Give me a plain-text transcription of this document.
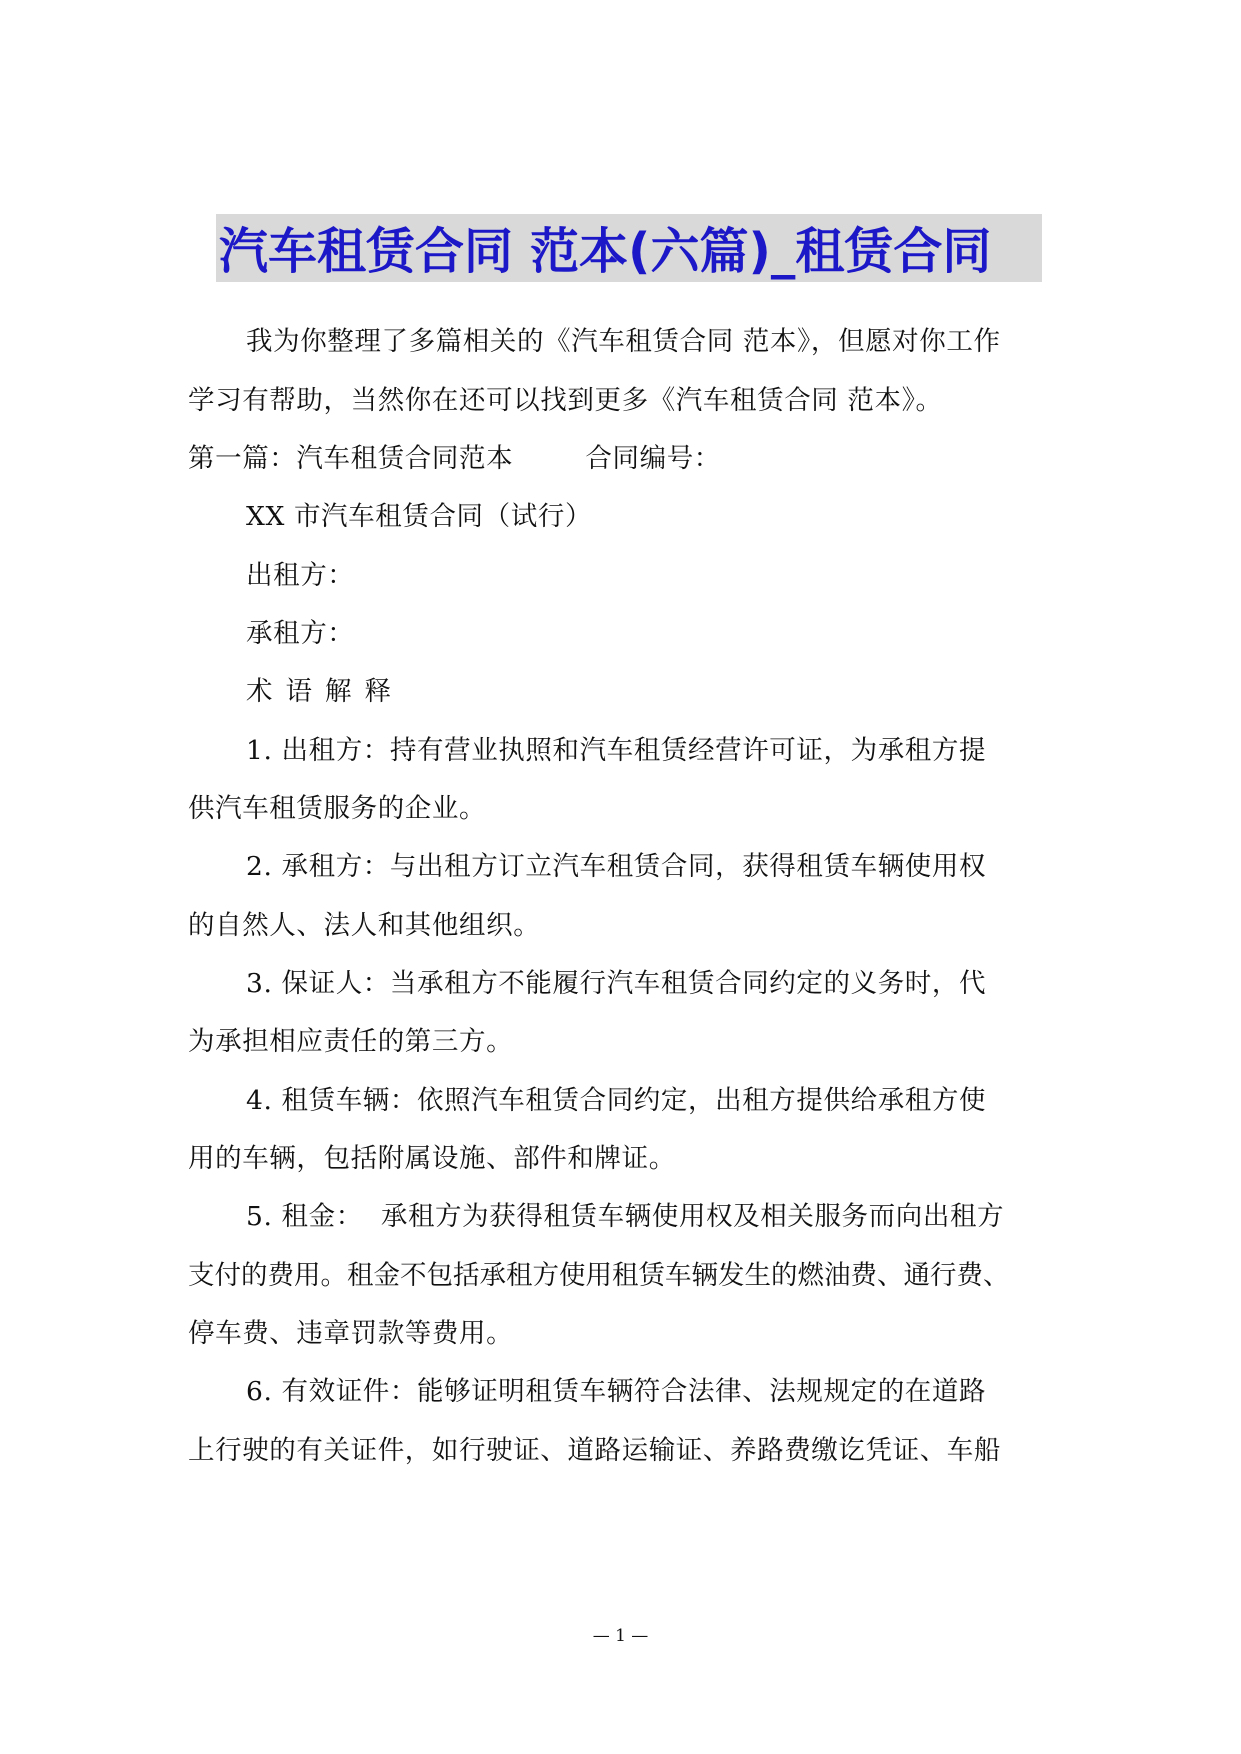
汽车租赁合同 范本(六篇)_租赁合同
我为你整理了多篇相关的《汽车租赁合同 范本》，但愿对你工作
学习有帮助，当然你在还可以找到更多《汽车租赁合同 范本》。
第一篇：汽车租赁合同范本        合同编号：
XX 市汽车租赁合同（试行）
出租方：
承租方：
术语解释
1. 出租方：持有营业执照和汽车租赁经营许可证，为承租方提
供汽车租赁服务的企业。
2. 承租方：与出租方订立汽车租赁合同，获得租赁车辆使用权
的自然人、法人和其他组织。
3. 保证人：当承租方不能履行汽车租赁合同约定的义务时，代
为承担相应责任的第三方。
4. 租赁车辆：依照汽车租赁合同约定，出租方提供给承租方使
用的车辆，包括附属设施、部件和牌证。
5. 租金：  承租方为获得租赁车辆使用权及相关服务而向出租方
支付的费用。租金不包括承租方使用租赁车辆发生的燃油费、通行费、
停车费、违章罚款等费用。
6. 有效证件：能够证明租赁车辆符合法律、法规规定的在道路
上行驶的有关证件，如行驶证、道路运输证、养路费缴讫凭证、车船
— 1 —
